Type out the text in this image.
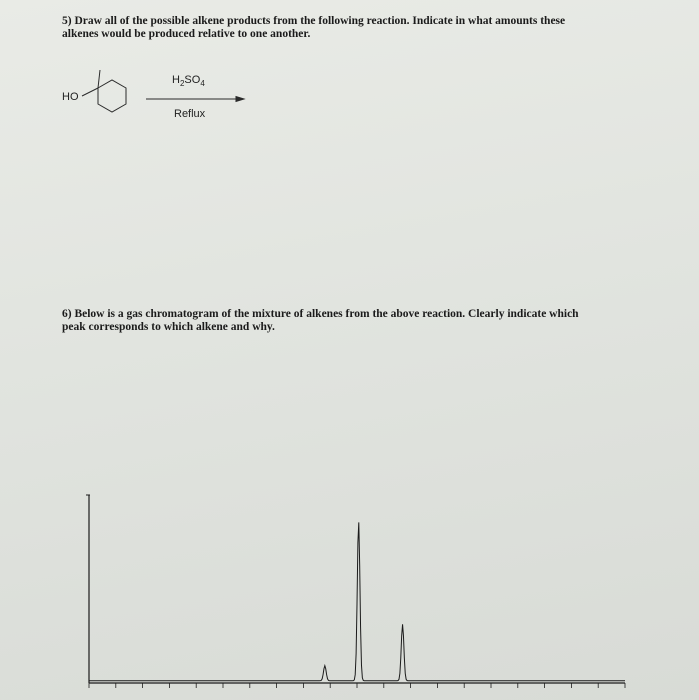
5) Draw all of the possible alkene products from the following reaction. Indicate in what amounts these
alkenes would be produced relative to one another.

HO
$H_2SO_4$
Reflux

6) Below is a gas chromatogram of the mixture of alkenes from the above reaction. Clearly indicate which
peak corresponds to which alkene and why.
